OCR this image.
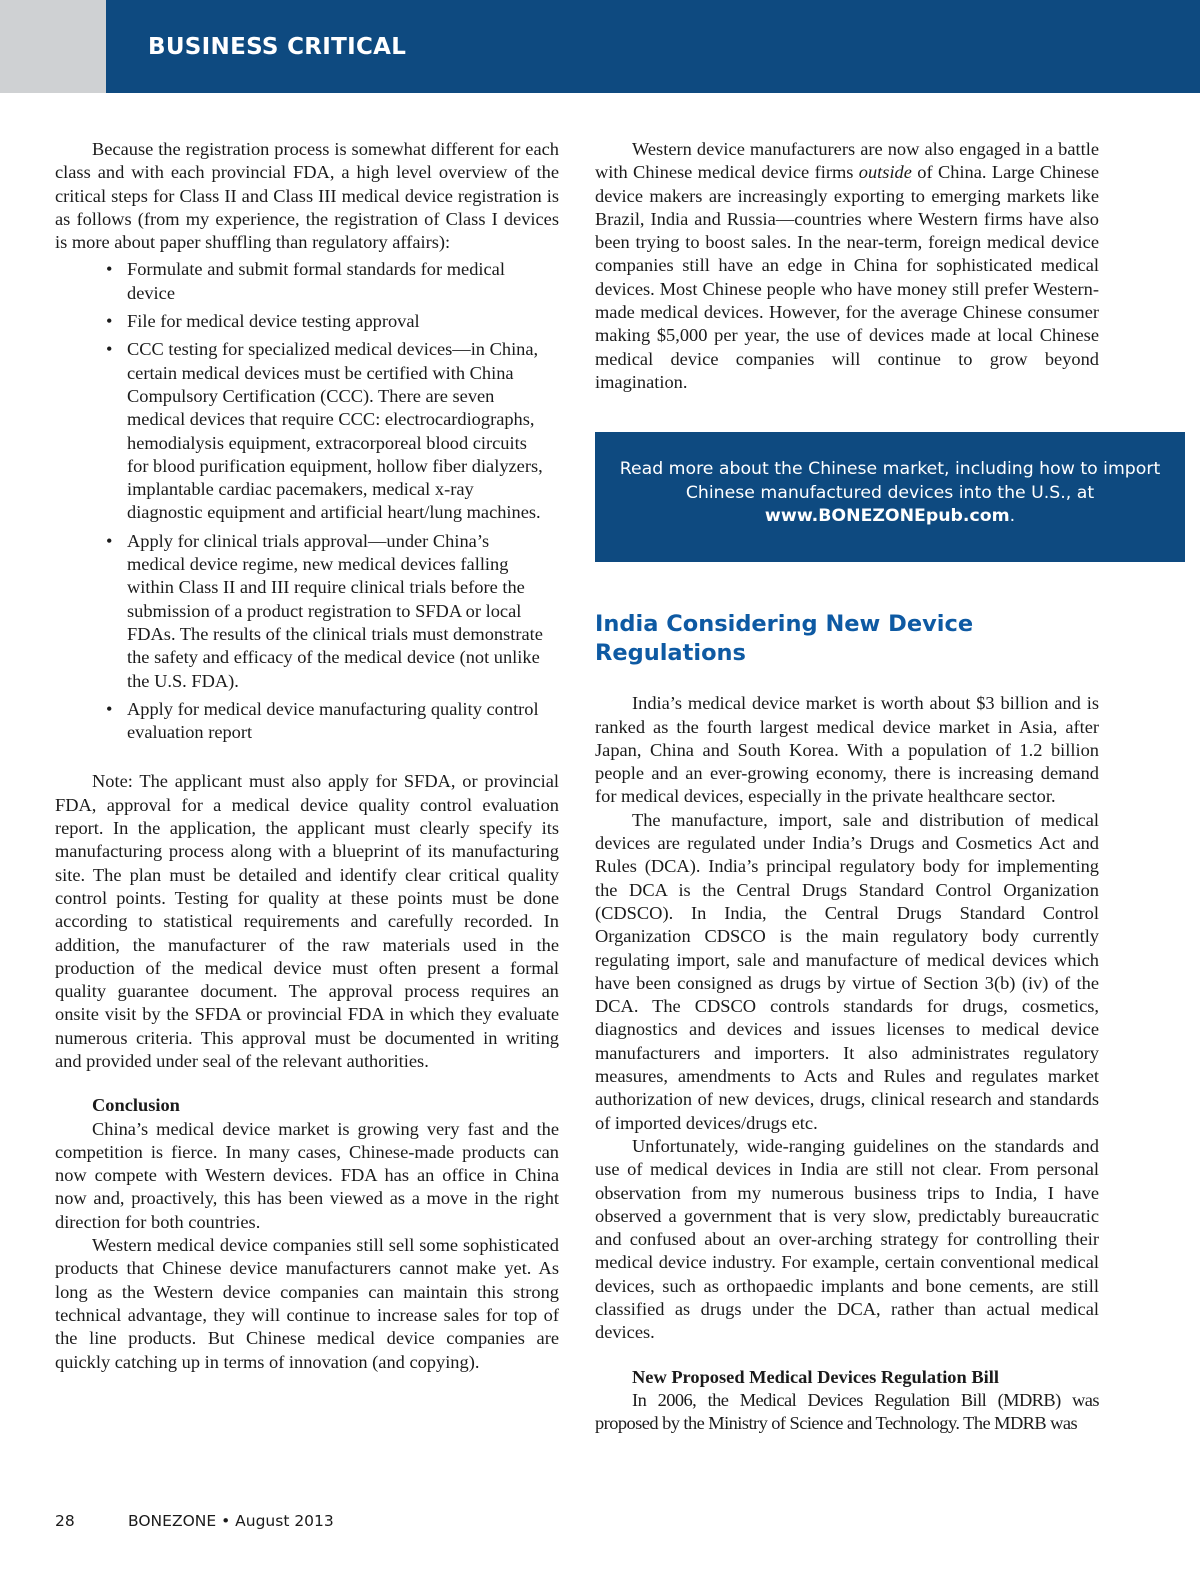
BUSINESS CRITICAL

Because the registration process is somewhat different for each class and with each provincial FDA, a high level overview of the critical steps for Class II and Class III medical device registration is as follows (from my experience, the registration of Class I devices is more about paper shuffling than regulatory affairs):

• Formulate and submit formal standards for medical device
• File for medical device testing approval
• CCC testing for specialized medical devices—in China, certain medical devices must be certified with China Compulsory Certification (CCC). There are seven medical devices that require CCC: electrocardiographs, hemodialysis equipment, extracorporeal blood circuits for blood purification equipment, hollow fiber dialyzers, implantable cardiac pacemakers, medical x-ray diagnostic equipment and artificial heart/lung machines.
• Apply for clinical trials approval—under China’s medical device regime, new medical devices falling within Class II and III require clinical trials before the submission of a product registration to SFDA or local FDAs. The results of the clinical trials must demonstrate the safety and efficacy of the medical device (not unlike the U.S. FDA).
• Apply for medical device manufacturing quality control evaluation report

Note: The applicant must also apply for SFDA, or provincial FDA, approval for a medical device quality control evaluation report. In the application, the applicant must clearly specify its manufacturing process along with a blueprint of its manufacturing site. The plan must be detailed and identify clear critical quality control points. Testing for quality at these points must be done according to statistical requirements and carefully recorded. In addition, the manufacturer of the raw materials used in the production of the medical device must often present a formal quality guarantee document. The approval process requires an onsite visit by the SFDA or provincial FDA in which they evaluate numerous criteria. This approval must be documented in writing and provided under seal of the relevant authorities.

Conclusion

China’s medical device market is growing very fast and the competition is fierce. In many cases, Chinese-made products can now compete with Western devices. FDA has an office in China now and, proactively, this has been viewed as a move in the right direction for both countries.

Western medical device companies still sell some sophisticated products that Chinese device manufacturers cannot make yet. As long as the Western device companies can maintain this strong technical advantage, they will continue to increase sales for top of the line products. But Chinese medical device companies are quickly catching up in terms of innovation (and copying).

Western device manufacturers are now also engaged in a battle with Chinese medical device firms outside of China. Large Chinese device makers are increasingly exporting to emerging markets like Brazil, India and Russia—countries where Western firms have also been trying to boost sales. In the near-term, foreign medical device companies still have an edge in China for sophisticated medical devices. Most Chinese people who have money still prefer Western-made medical devices. However, for the average Chinese consumer making $5,000 per year, the use of devices made at local Chinese medical device companies will continue to grow beyond imagination.

Read more about the Chinese market, including how to import Chinese manufactured devices into the U.S., at www.BONEZONEpub.com.
India Considering New Device Regulations

India’s medical device market is worth about $3 billion and is ranked as the fourth largest medical device market in Asia, after Japan, China and South Korea. With a population of 1.2 billion people and an ever-growing economy, there is increasing demand for medical devices, especially in the private healthcare sector.

The manufacture, import, sale and distribution of medical devices are regulated under India’s Drugs and Cosmetics Act and Rules (DCA). India’s principal regulatory body for implementing the DCA is the Central Drugs Standard Control Organization (CDSCO). In India, the Central Drugs Standard Control Organization CDSCO is the main regulatory body currently regulating import, sale and manufacture of medical devices which have been consigned as drugs by virtue of Section 3(b) (iv) of the DCA. The CDSCO controls standards for drugs, cosmetics, diagnostics and devices and issues licenses to medical device manufacturers and importers. It also administrates regulatory measures, amendments to Acts and Rules and regulates market authorization of new devices, drugs, clinical research and standards of imported devices/drugs etc.

Unfortunately, wide-ranging guidelines on the standards and use of medical devices in India are still not clear. From personal observation from my numerous business trips to India, I have observed a government that is very slow, predictably bureaucratic and confused about an over-arching strategy for controlling their medical device industry. For example, certain conventional medical devices, such as orthopaedic implants and bone cements, are still classified as drugs under the DCA, rather than actual medical devices.

New Proposed Medical Devices Regulation Bill

In 2006, the Medical Devices Regulation Bill (MDRB) was proposed by the Ministry of Science and Technology. The MDRB was

28	BONEZONE • August 2013
